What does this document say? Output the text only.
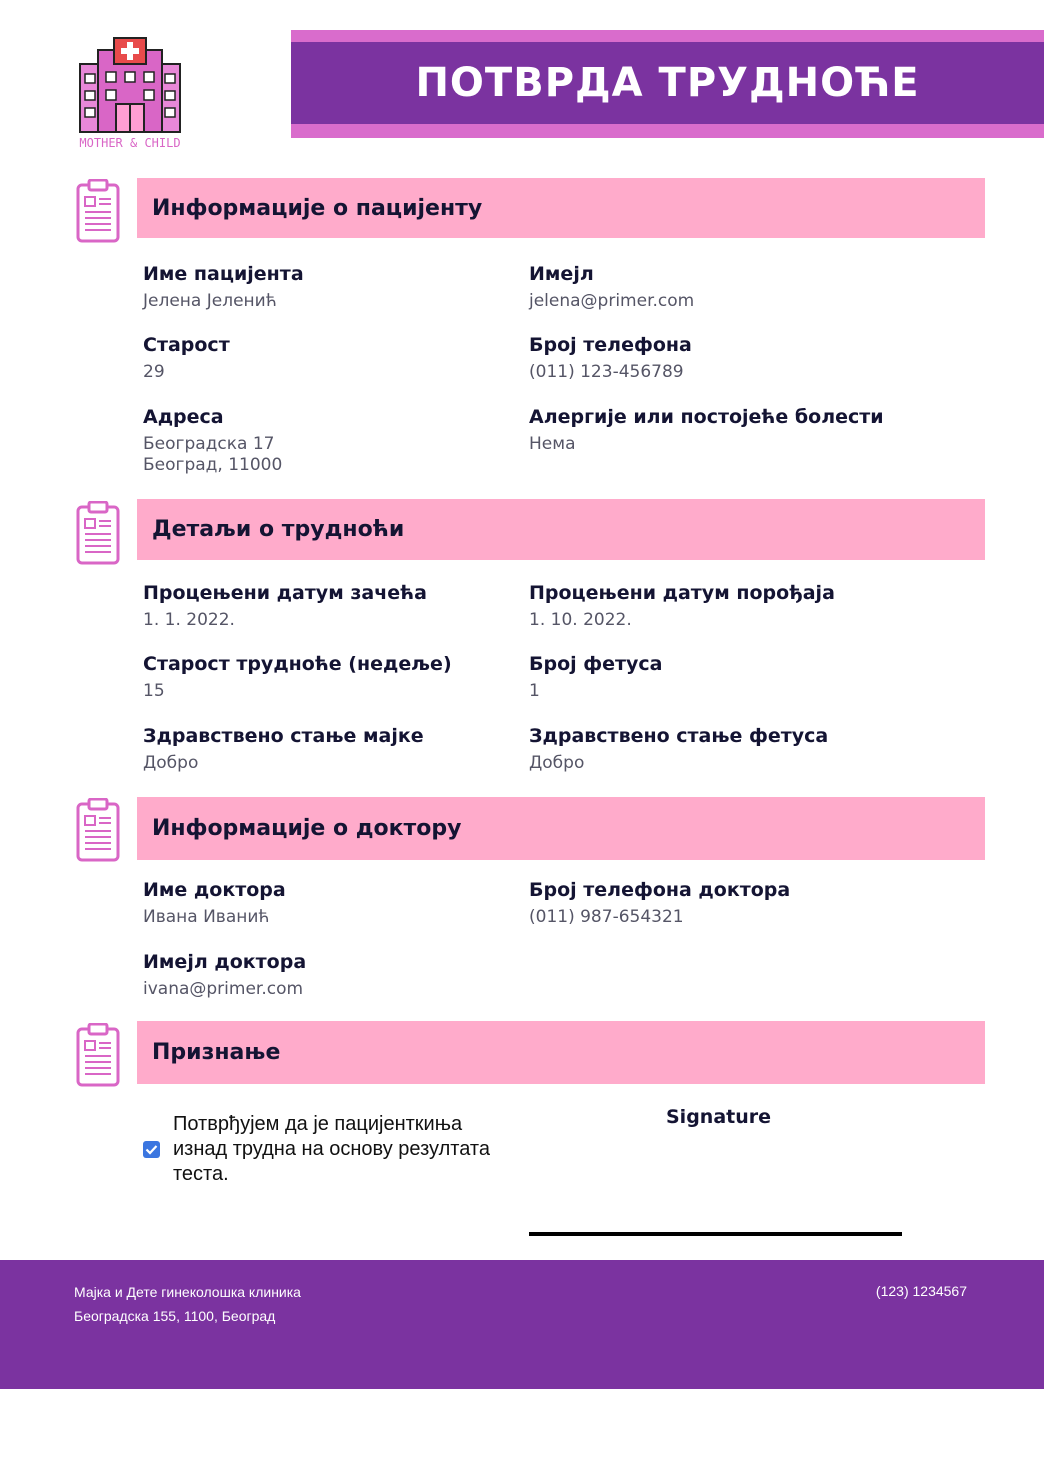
MOTHER & CHILD
ПОТВРДА ТРУДНОЋЕ
Информације о пацијенту
Име пацијента
Јелена Јеленић
Имејл
jelena@primer.com
Старост
29
Број телефона
(011) 123-456789
Адреса
Београдска 17
Београд, 11000
Алергије или постојеће болести
Нема
Детаљи о трудноћи
Процењени датум зачећа
1. 1. 2022.
Процењени датум порођаја
1. 10. 2022.
Старост трудноће (недеље)
15
Број фетуса
1
Здравствено стање мајке
Добро
Здравствено стање фетуса
Добро
Информације о доктору
Име доктора
Ивана Иванић
Број телефона доктора
(011) 987-654321
Имејл доктора
ivana@primer.com
Признање
Потврђујем да је пацијенткиња изнад трудна на основу резултата теста.
Signature
Мајка и Дете гинеколошка клиника
Београдска 155, 1100, Београд
(123) 1234567
